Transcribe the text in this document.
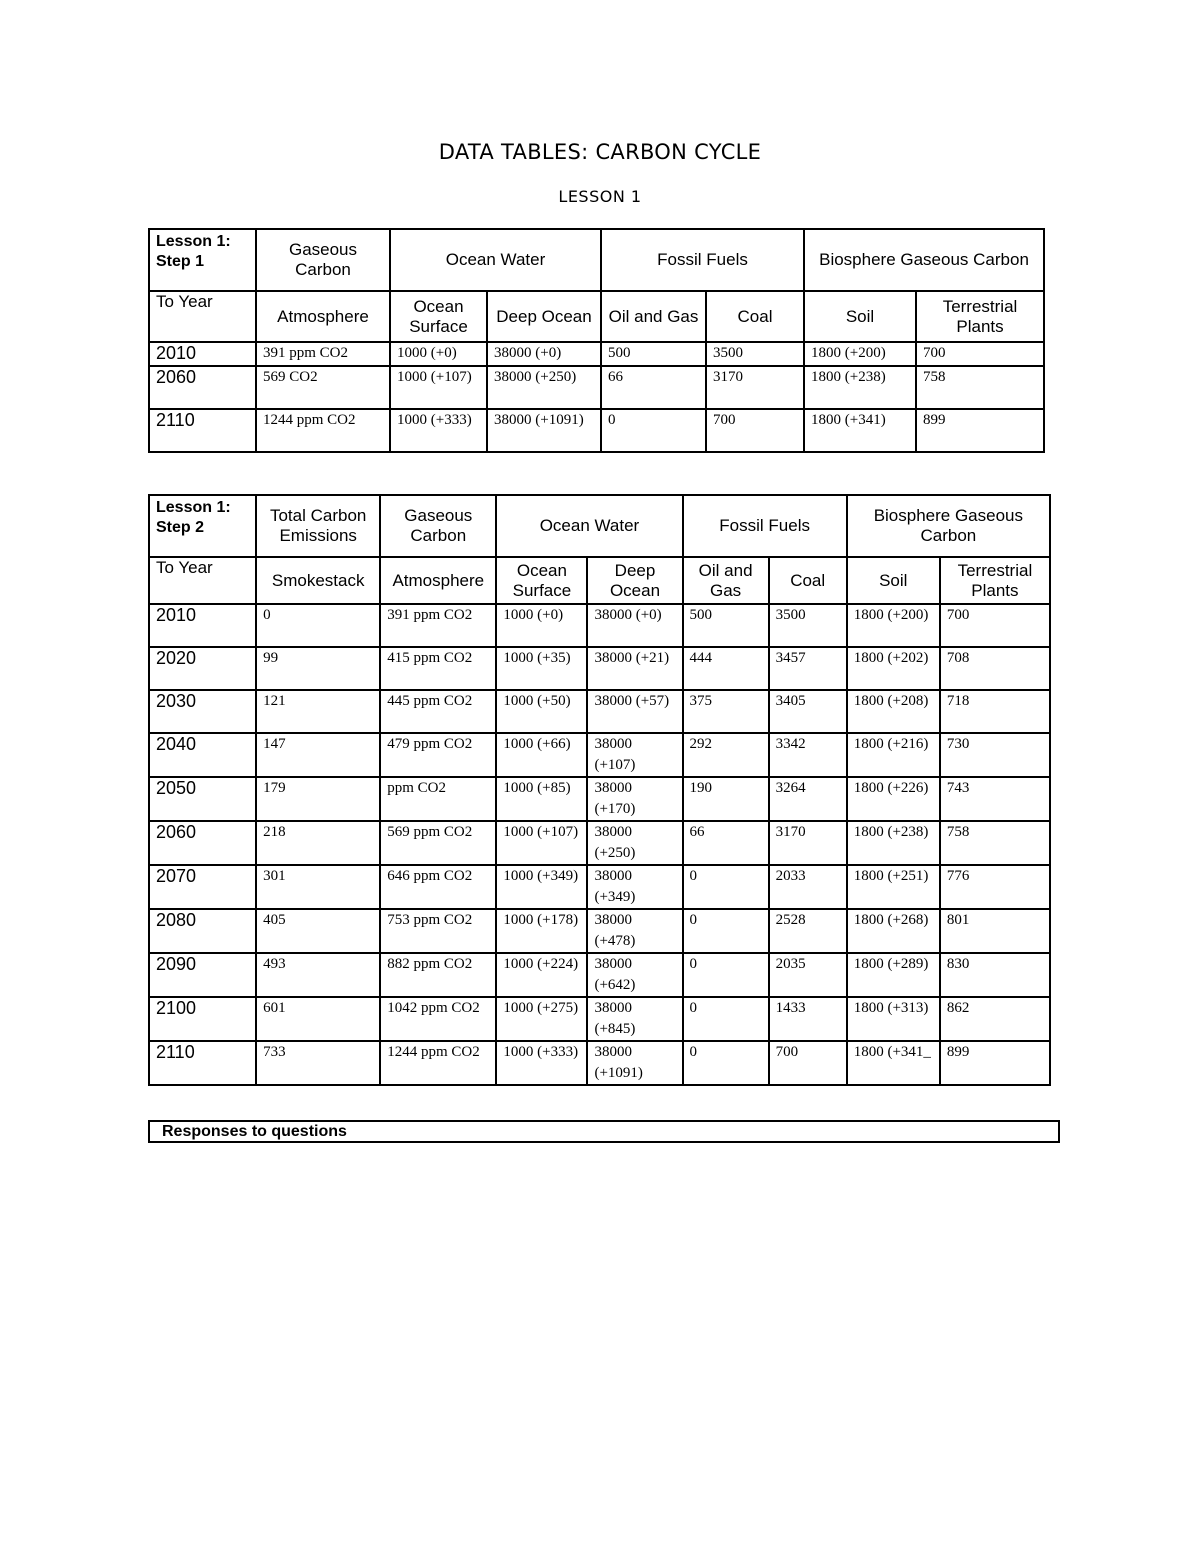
DATA TABLES: CARBON CYCLE
LESSON 1
Lesson 1:
Step 1	Gaseous Carbon	Ocean Water		Fossil Fuels		Biosphere Gaseous Carbon	
To Year	Atmosphere	Ocean Surface	Deep Ocean	Oil and Gas	Coal	Soil	Terrestrial Plants
2010	391 ppm CO2	1000 (+0)	38000 (+0)	500	3500	1800 (+200)	700
2060	569 CO2	1000 (+107)	38000 (+250)	66	3170	1800 (+238)	758
2110	1244 ppm CO2	1000 (+333)	38000 (+1091)	0	700	1800 (+341)	899
Lesson 1:
Step 2	Total Carbon Emissions	Gaseous Carbon	Ocean Water		Fossil Fuels		Biosphere Gaseous Carbon	
To Year	Smokestack	Atmosphere	Ocean Surface	Deep Ocean	Oil and Gas	Coal	Soil	Terrestrial Plants
2010	0	391 ppm CO2	1000 (+0)	38000 (+0)	500	3500	1800 (+200)	700
2020	99	415 ppm CO2	1000 (+35)	38000 (+21)	444	3457	1800 (+202)	708
2030	121	445 ppm CO2	1000 (+50)	38000 (+57)	375	3405	1800 (+208)	718
2040	147	479 ppm CO2	1000 (+66)	38000 (+107)	292	3342	1800 (+216)	730
2050	179	ppm CO2	1000 (+85)	38000 (+170)	190	3264	1800 (+226)	743
2060	218	569 ppm CO2	1000 (+107)	38000 (+250)	66	3170	1800 (+238)	758
2070	301	646 ppm CO2	1000 (+349)	38000 (+349)	0	2033	1800 (+251)	776
2080	405	753 ppm CO2	1000 (+178)	38000 (+478)	0	2528	1800 (+268)	801
2090	493	882 ppm CO2	1000 (+224)	38000 (+642)	0	2035	1800 (+289)	830
2100	601	1042 ppm CO2	1000 (+275)	38000 (+845)	0	1433	1800 (+313)	862
2110	733	1244 ppm CO2	1000 (+333)	38000 (+1091)	0	700	1800 (+341_	899
Responses to questions
